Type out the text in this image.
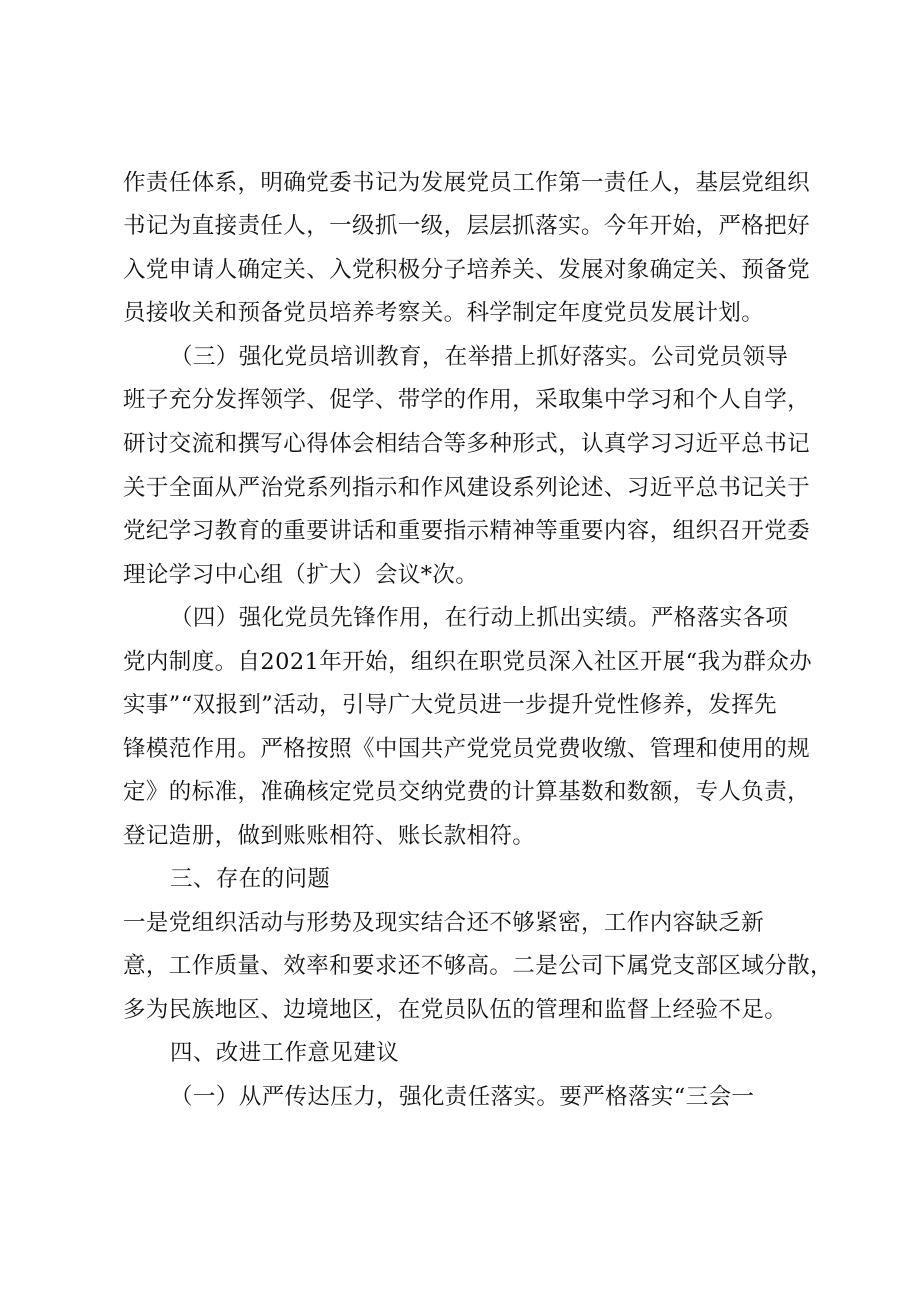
作责任体系，明确党委书记为发展党员工作第一责任人，基层党组织
书记为直接责任人，一级抓一级，层层抓落实。今年开始，严格把好
入党申请人确定关、入党积极分子培养关、发展对象确定关、预备党
员接收关和预备党员培养考察关。科学制定年度党员发展计划。
（三）强化党员培训教育，在举措上抓好落实。公司党员领导
班子充分发挥领学、促学、带学的作用，采取集中学习和个人自学，
研讨交流和撰写心得体会相结合等多种形式，认真学习习近平总书记
关于全面从严治党系列指示和作风建设系列论述、习近平总书记关于
党纪学习教育的重要讲话和重要指示精神等重要内容，组织召开党委
理论学习中心组（扩大）会议*次。
（四）强化党员先锋作用，在行动上抓出实绩。严格落实各项
党内制度。自2021年开始，组织在职党员深入社区开展“我为群众办
实事”“双报到”活动，引导广大党员进一步提升党性修养，发挥先
锋模范作用。严格按照《中国共产党党员党费收缴、管理和使用的规
定》的标准，准确核定党员交纳党费的计算基数和数额，专人负责，
登记造册，做到账账相符、账长款相符。
三、存在的问题
一是党组织活动与形势及现实结合还不够紧密，工作内容缺乏新
意，工作质量、效率和要求还不够高。二是公司下属党支部区域分散，
多为民族地区、边境地区，在党员队伍的管理和监督上经验不足。
四、改进工作意见建议
（一）从严传达压力，强化责任落实。要严格落实“三会一
